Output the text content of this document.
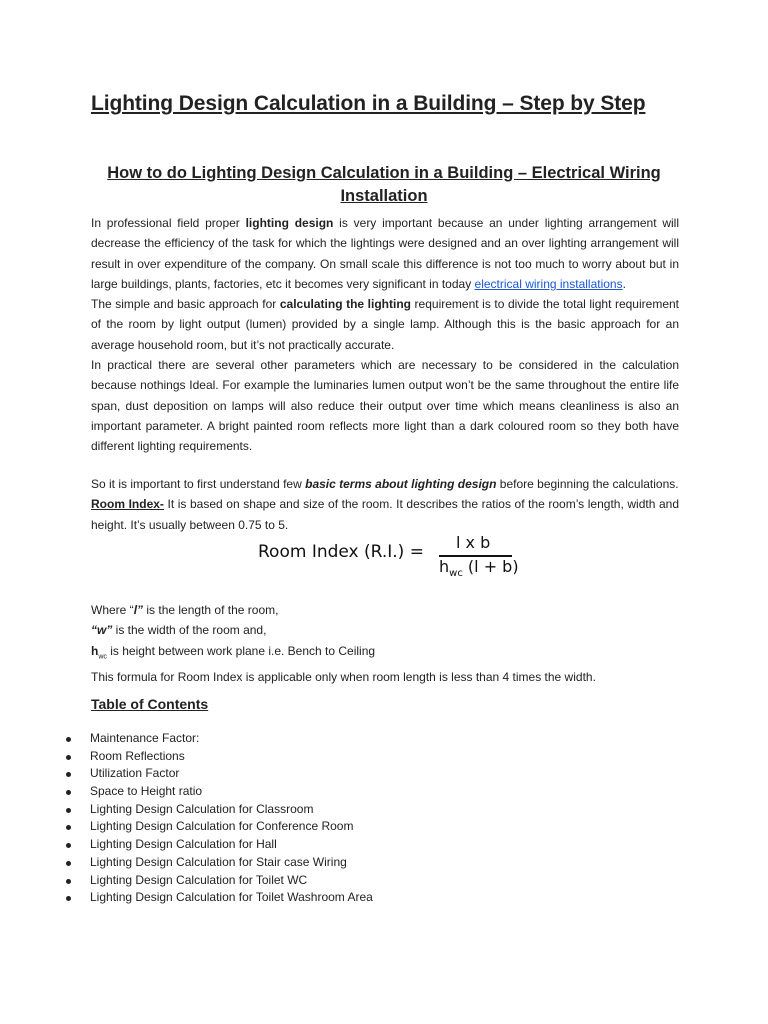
Lighting Design Calculation in a Building – Step by Step
How to do Lighting Design Calculation in a Building – Electrical Wiring Installation

In professional field proper lighting design is very important because an under lighting arrangement will decrease the efficiency of the task for which the lightings were designed and an over lighting arrangement will result in over expenditure of the company. On small scale this difference is not too much to worry about but in large buildings, plants, factories, etc it becomes very significant in today electrical wiring installations.

The simple and basic approach for calculating the lighting requirement is to divide the total light requirement of the room by light output (lumen) provided by a single lamp. Although this is the basic approach for an average household room, but it’s not practically accurate.

In practical there are several other parameters which are necessary to be considered in the calculation because nothings Ideal. For example the luminaries lumen output won’t be the same throughout the entire life span, dust deposition on lamps will also reduce their output over time which means cleanliness is also an important parameter. A bright painted room reflects more light than a dark coloured room so they both have different lighting requirements.

So it is important to first understand few basic terms about lighting design before beginning the calculations.

Room Index- It is based on shape and size of the room. It describes the ratios of the room’s length, width and height. It’s usually between 0.75 to 5.

Room Index (R.I.) = l x b
$h_{wc}$ (l + b)

Where “l” is the length of the room,

“w” is the width of the room and,

$h_{wc}$ is height between work plane i.e. Bench to Ceiling

This formula for Room Index is applicable only when room length is less than 4 times the width.

Table of Contents
Maintenance Factor:
Room Reflections
Utilization Factor
Space to Height ratio
Lighting Design Calculation for Classroom
Lighting Design Calculation for Conference Room
Lighting Design Calculation for Hall
Lighting Design Calculation for Stair case Wiring
Lighting Design Calculation for Toilet WC
Lighting Design Calculation for Toilet Washroom Area
